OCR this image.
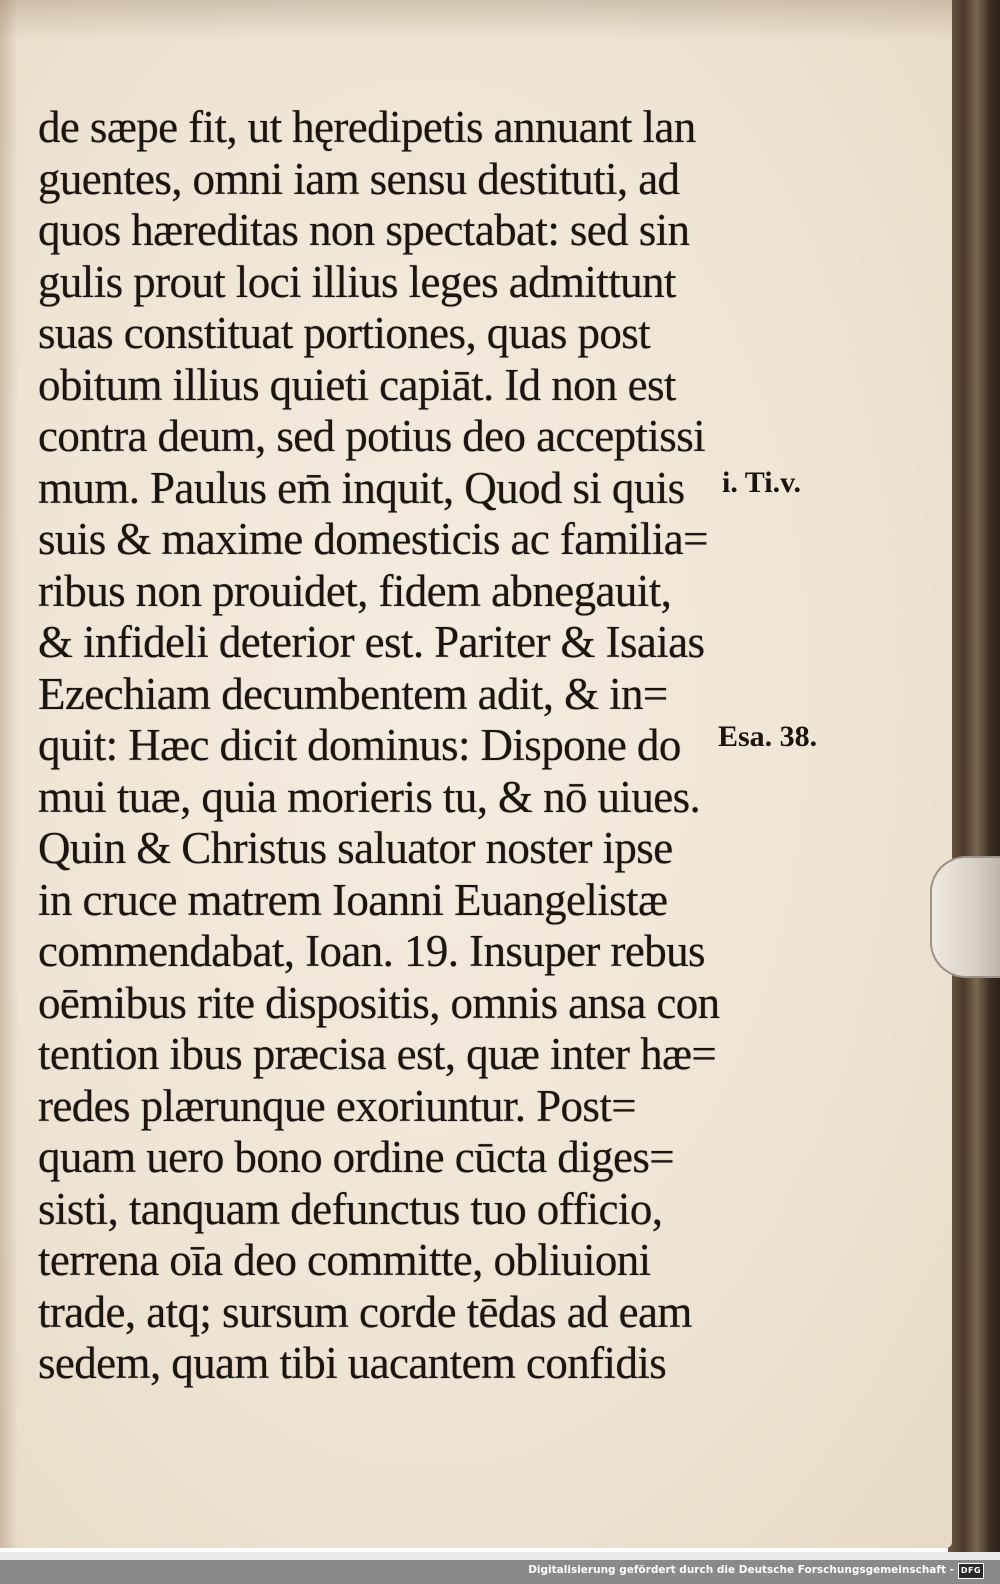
de sæpe fit, ut hęredipetis annuant lan
guentes, omni iam sensu destituti, ad
quos hæreditas non spectabat: sed sin
gulis prout loci illius leges admittunt
suas constituat portiones, quas post
obitum illius quieti capiāt. Id non est
contra deum, sed potius deo acceptissi
mum. Paulus em̄ inquit, Quod si quis
suis & maxime domesticis ac familia=
ribus non prouidet, fidem abnegauit,
& infideli deterior est. Pariter & Isaias
Ezechiam decumbentem adit, & in=
quit: Hæc dicit dominus: Dispone do
mui tuæ, quia morieris tu, & nō uiues.
Quin & Christus saluator noster ipse
in cruce matrem Ioanni Euangelistæ
commendabat, Ioan. 19. Insuper rebus
oēmibus rite dispositis, omnis ansa con
tention ibus præcisa est, quæ inter hæ=
redes plærunque exoriuntur. Post=
quam uero bono ordine cūcta diges=
sisti, tanquam defunctus tuo officio,
terrena oīa deo committe, obliuioni
trade, atq; sursum corde tēdas ad eam
sedem, quam tibi uacantem confidis
i. Ti.v.
Esa. 38.
Digitalisierung gefördert durch die Deutsche Forschungsgemeinschaft - DFG
